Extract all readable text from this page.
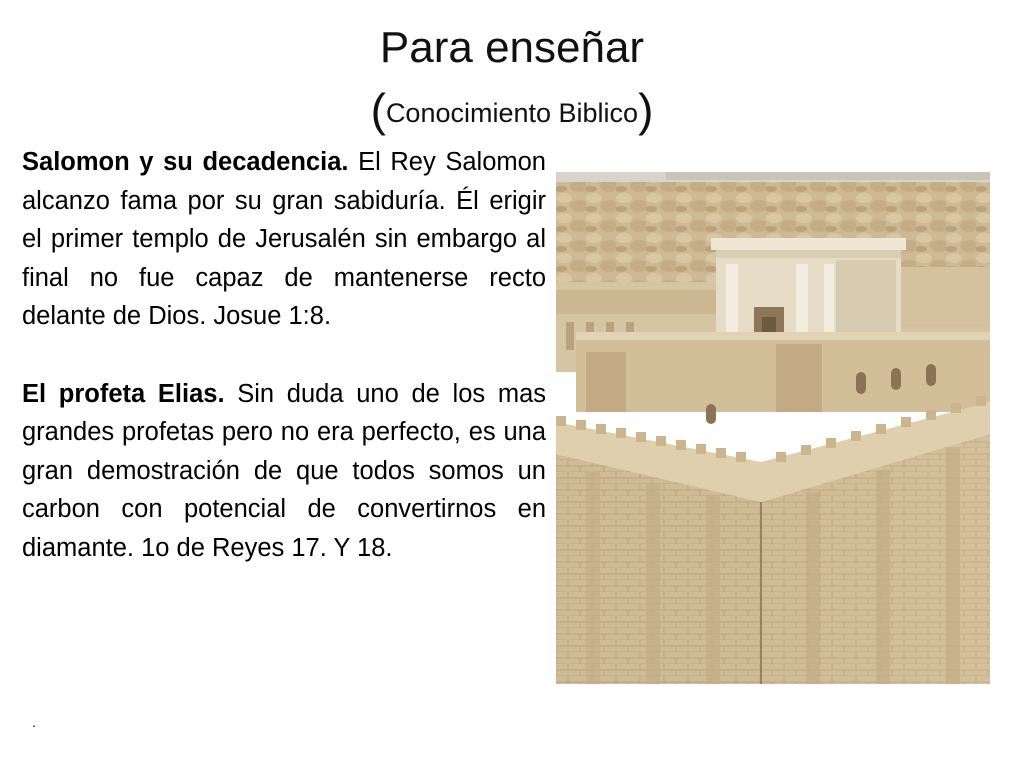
Para enseñar
(Conocimiento Biblico)

Salomon y su decadencia. El Rey Salomon alcanzo fama por su gran sabiduría. Él erigir el primer templo de Jerusalén sin embargo al final no fue capaz de mantenerse recto delante de Dios. Josue 1:8.

El profeta Elias. Sin duda uno de los mas grandes profetas pero no era perfecto, es una gran demostración de que todos somos un carbon con potencial de convertirnos en diamante. 1o de Reyes 17. Y 18.

.
